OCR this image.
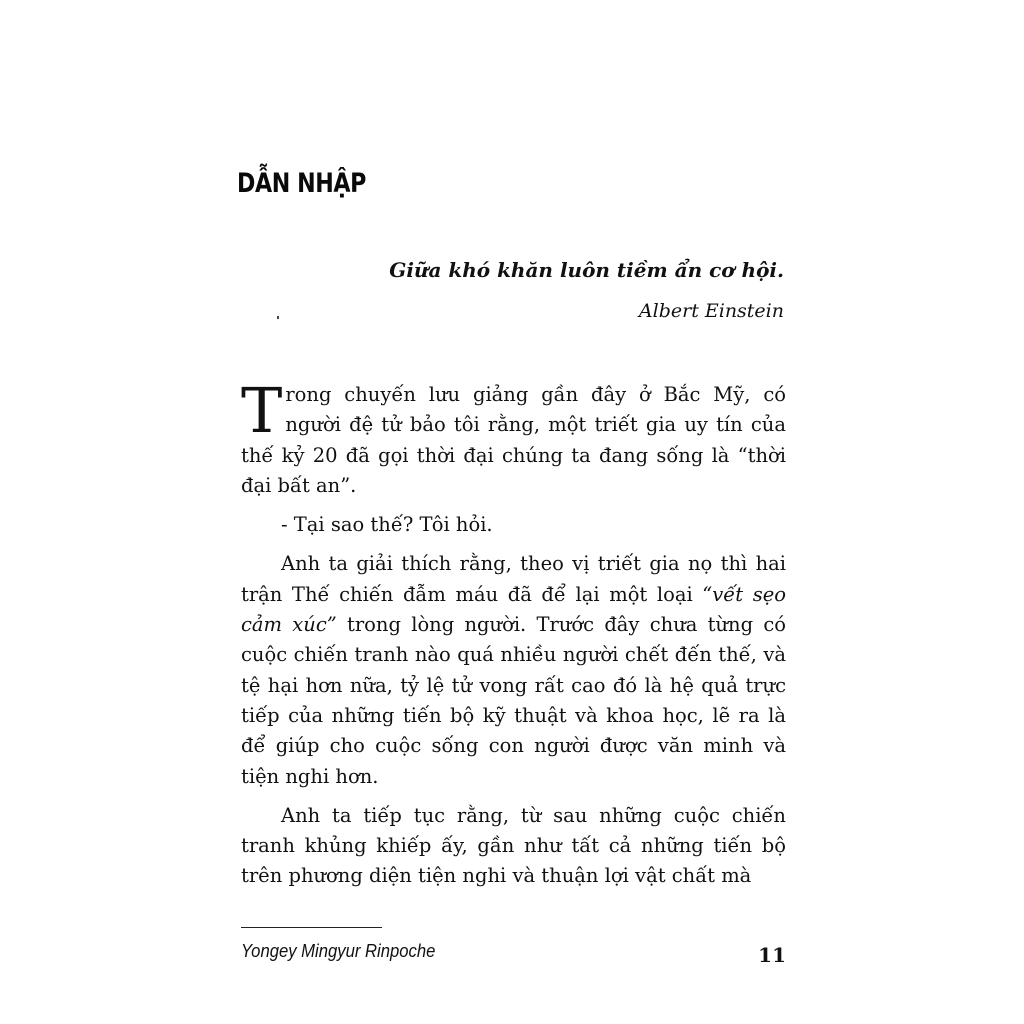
DẪN NHẬP
Giữa khó khăn luôn tiềm ẩn cơ hội.
Albert Einstein

Trong chuyến lưu giảng gần đây ở Bắc Mỹ, có người đệ tử bảo tôi rằng, một triết gia uy tín của thế kỷ 20 đã gọi thời đại chúng ta đang sống là “thời đại bất an”.

- Tại sao thế? Tôi hỏi.

Anh ta giải thích rằng, theo vị triết gia nọ thì hai trận Thế chiến đẫm máu đã để lại một loại “vết sẹo cảm xúc” trong lòng người. Trước đây chưa từng có cuộc chiến tranh nào quá nhiều người chết đến thế, và tệ hại hơn nữa, tỷ lệ tử vong rất cao đó là hệ quả trực tiếp của những tiến bộ kỹ thuật và khoa học, lẽ ra là để giúp cho cuộc sống con người được văn minh và tiện nghi hơn.

Anh ta tiếp tục rằng, từ sau những cuộc chiến tranh khủng khiếp ấy, gần như tất cả những tiến bộ trên phương diện tiện nghi và thuận lợi vật chất mà

Yongey Mingyur Rinpoche	11
